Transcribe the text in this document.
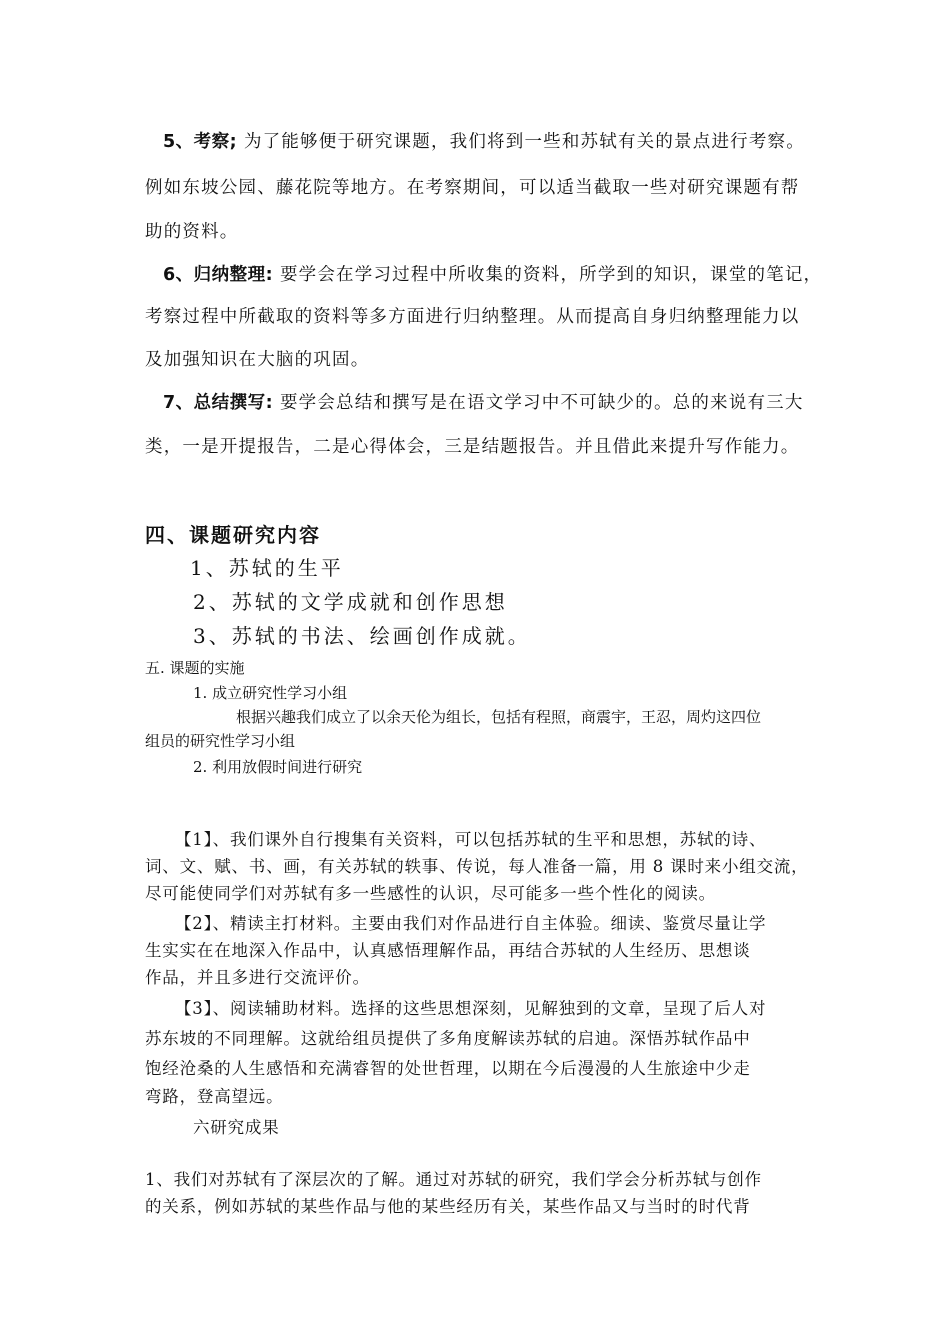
5、考察; 为了能够便于研究课题，我们将到一些和苏轼有关的景点进行考察。
例如东坡公园、藤花院等地方。在考察期间，可以适当截取一些对研究课题有帮
助的资料。
6、归纳整理: 要学会在学习过程中所收集的资料，所学到的知识，课堂的笔记，
考察过程中所截取的资料等多方面进行归纳整理。从而提高自身归纳整理能力以
及加强知识在大脑的巩固。
7、总结撰写: 要学会总结和撰写是在语文学习中不可缺少的。总的来说有三大
类，一是开提报告，二是心得体会，三是结题报告。并且借此来提升写作能力。
四、课题研究内容
1、苏轼的生平
2、苏轼的文学成就和创作思想
3、苏轼的书法、绘画创作成就。
五. 课题的实施
1. 成立研究性学习小组
根据兴趣我们成立了以余天伦为组长，包括有程照，商震宇，王忍，周灼这四位
组员的研究性学习小组
2. 利用放假时间进行研究
【1】、我们课外自行搜集有关资料，可以包括苏轼的生平和思想，苏轼的诗、
词、文、赋、书、画，有关苏轼的轶事、传说，每人准备一篇，用 8 课时来小组交流，
尽可能使同学们对苏轼有多一些感性的认识，尽可能多一些个性化的阅读。
【2】、精读主打材料。主要由我们对作品进行自主体验。细读、鉴赏尽量让学
生实实在在地深入作品中，认真感悟理解作品，再结合苏轼的人生经历、思想谈
作品，并且多进行交流评价。
【3】、阅读辅助材料。选择的这些思想深刻，见解独到的文章，呈现了后人对
苏东坡的不同理解。这就给组员提供了多角度解读苏轼的启迪。深悟苏轼作品中
饱经沧桑的人生感悟和充满睿智的处世哲理，以期在今后漫漫的人生旅途中少走
弯路，登高望远。
六研究成果
1、我们对苏轼有了深层次的了解。通过对苏轼的研究，我们学会分析苏轼与创作
的关系，例如苏轼的某些作品与他的某些经历有关，某些作品又与当时的时代背
